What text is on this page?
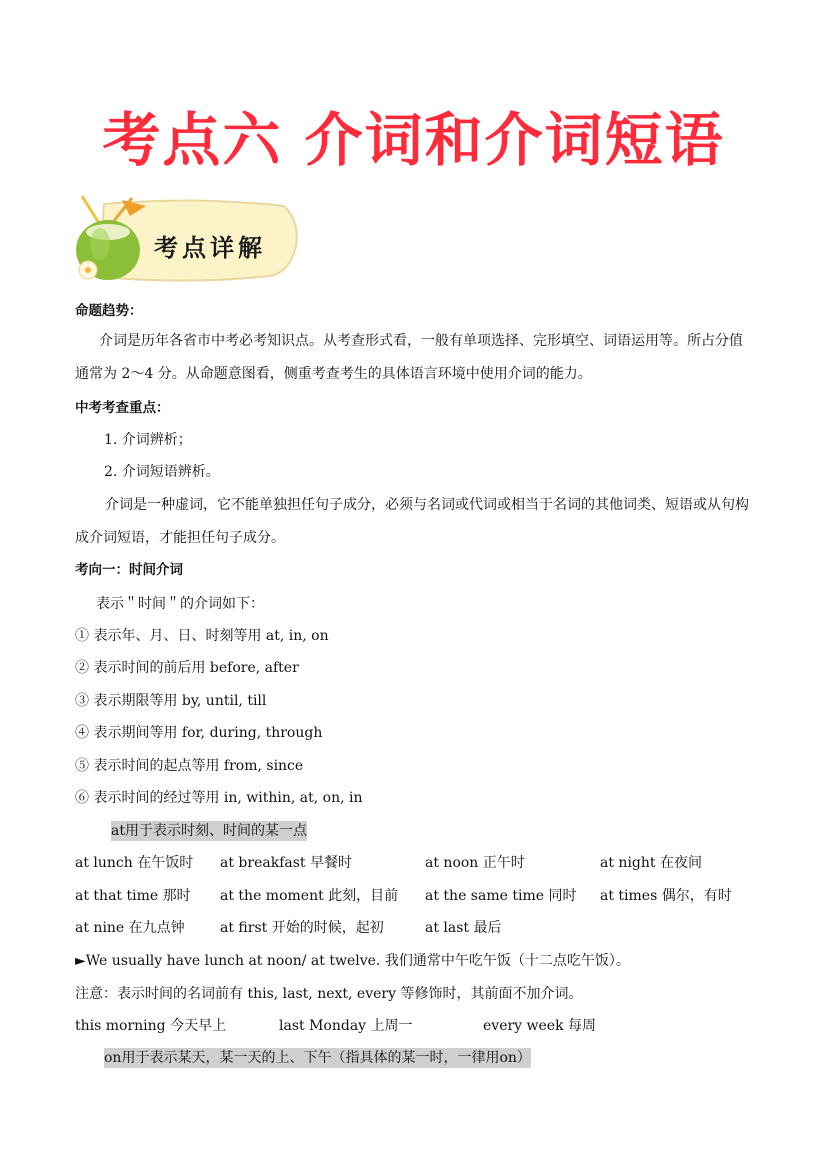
考点六 介词和介词短语
考点详解
命题趋势：
介词是历年各省市中考必考知识点。从考查形式看，一般有单项选择、完形填空、词语运用等。所占分值通常为 2～4 分。从命题意图看，侧重考查考生的具体语言环境中使用介词的能力。
中考考查重点：
1. 介词辨析；
2. 介词短语辨析。
介词是一种虚词，它不能单独担任句子成分，必须与名词或代词或相当于名词的其他词类、短语或从句构成介词短语，才能担任句子成分。
考向一：时间介词
表示＂时间＂的介词如下：
① 表示年、月、日、时刻等用 at, in, on
② 表示时间的前后用 before, after
③ 表示期限等用 by, until, till
④ 表示期间等用 for, during, through
⑤ 表示时间的起点等用 from, since
⑥ 表示时间的经过等用 in, within, at, on, in
at用于表示时刻、时间的某一点
at lunch 在午饭时 at breakfast 早餐时	at noon 正午时	at night 在夜间
at that time 那时 at the moment 此刻，目前 at the same time 同时 at times 偶尔，有时
at nine 在九点钟	at first 开始的时候，起初	at last 最后
►We usually have lunch at noon/ at twelve. 我们通常中午吃午饭（十二点吃午饭）。
注意：表示时间的名词前有 this, last, next, every 等修饰时，其前面不加介词。
this morning 今天早上	last Monday 上周一	every week 每周
on用于表示某天，某一天的上、下午（指具体的某一时，一律用on）
